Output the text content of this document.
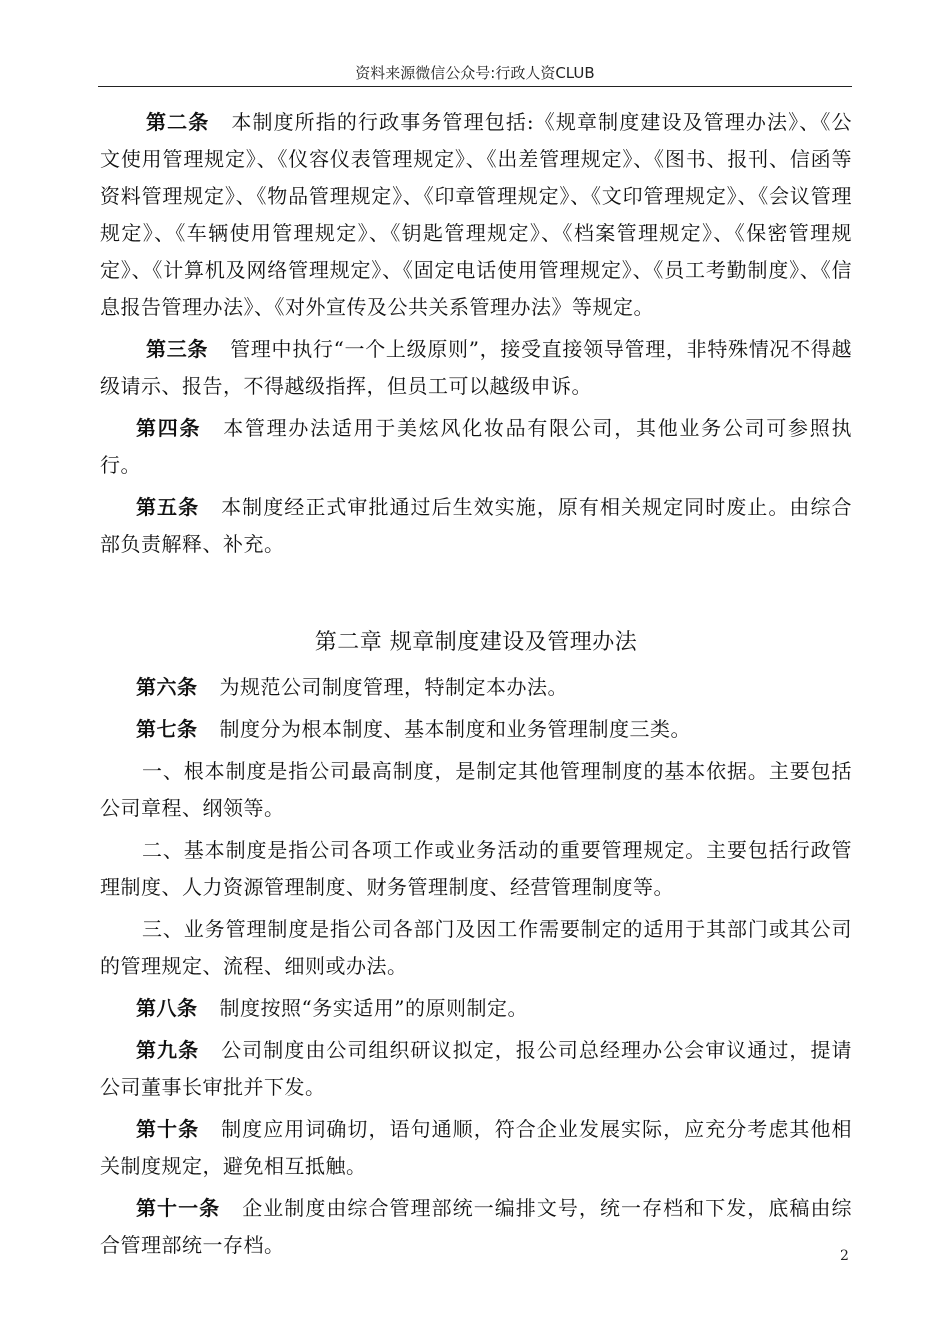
资料来源微信公众号:行政人资CLUB

第二条 本制度所指的行政事务管理包括:《规章制度建设及管理办法》、《公文使用管理规定》、《仪容仪表管理规定》、《出差管理规定》、《图书、报刊、信函等资料管理规定》、《物品管理规定》、《印章管理规定》、《文印管理规定》、《会议管理规定》、《车辆使用管理规定》、《钥匙管理规定》、《档案管理规定》、《保密管理规定》、《计算机及网络管理规定》、《固定电话使用管理规定》、《员工考勤制度》、《信息报告管理办法》、《对外宣传及公共关系管理办法》等规定。

第三条 管理中执行“一个上级原则”，接受直接领导管理，非特殊情况不得越级请示、报告，不得越级指挥，但员工可以越级申诉。

第四条 本管理办法适用于美炫风化妆品有限公司，其他业务公司可参照执行。

第五条 本制度经正式审批通过后生效实施，原有相关规定同时废止。由综合部负责解释、补充。

第二章 规章制度建设及管理办法

第六条 为规范公司制度管理，特制定本办法。

第七条 制度分为根本制度、基本制度和业务管理制度三类。

一、根本制度是指公司最高制度，是制定其他管理制度的基本依据。主要包括公司章程、纲领等。

二、基本制度是指公司各项工作或业务活动的重要管理规定。主要包括行政管理制度、人力资源管理制度、财务管理制度、经营管理制度等。

三、业务管理制度是指公司各部门及因工作需要制定的适用于其部门或其公司的管理规定、流程、细则或办法。

第八条 制度按照“务实适用”的原则制定。

第九条 公司制度由公司组织研议拟定，报公司总经理办公会审议通过，提请公司董事长审批并下发。

第十条 制度应用词确切，语句通顺，符合企业发展实际，应充分考虑其他相关制度规定，避免相互抵触。

第十一条 企业制度由综合管理部统一编排文号，统一存档和下发，底稿由综合管理部统一存档。	2
